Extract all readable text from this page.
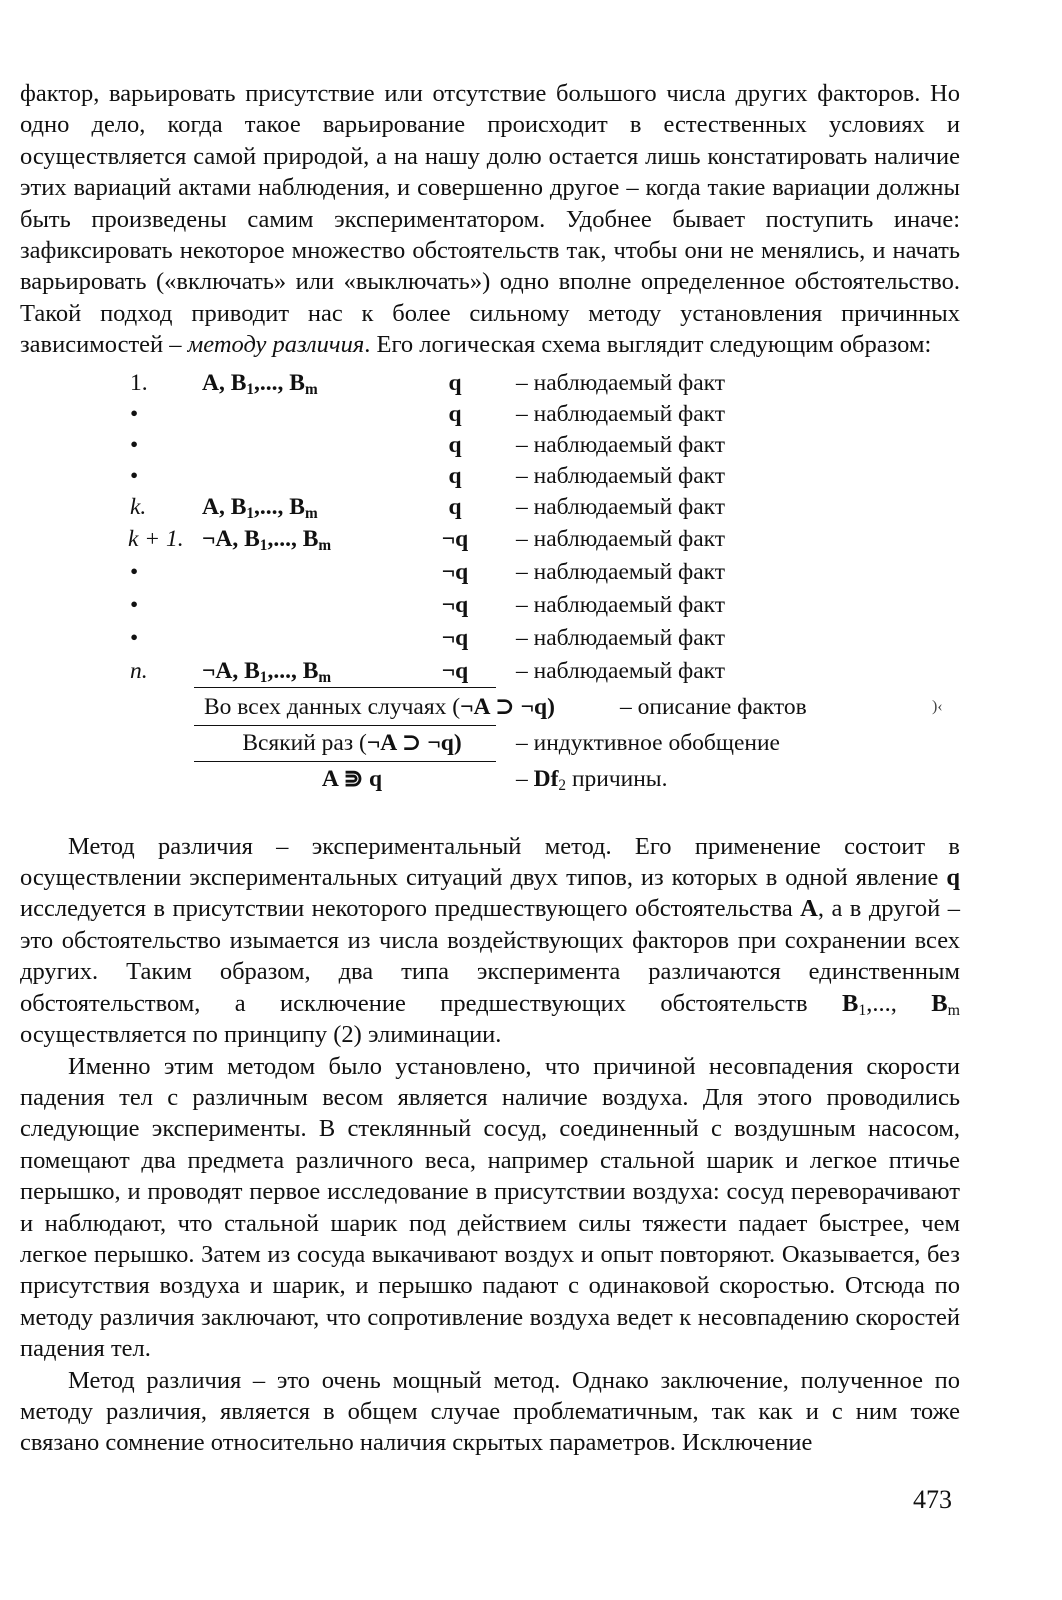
фактор, варьировать присутствие или отсутствие большого числа других факторов. Но одно дело, когда такое варьирование происходит в естественных условиях и осуществляется самой природой, а на нашу долю остается лишь констатировать наличие этих вариаций актами наблюдения, и совершенно другое – когда такие вариации должны быть произведены самим экспериментатором. Удобнее бывает поступить иначе: зафиксировать некоторое множество обстоятельств так, чтобы они не менялись, и начать варьировать («включать» или «выключать») одно вполне определенное обстоятельство. Такой подход приводит нас к более сильному методу установления причинных зависимостей – методу различия. Его логическая схема выглядит следующим образом:

1. A, $B_1$,..., $B_m$	q	– наблюдаемый факт
•	q	– наблюдаемый факт
•	q	– наблюдаемый факт
•	q	– наблюдаемый факт
k. A, $B_1$,..., $B_m$	q	– наблюдаемый факт
k + 1. ¬A, $B_1$,..., $B_m$	¬q	– наблюдаемый факт
•	¬q	– наблюдаемый факт
•	¬q	– наблюдаемый факт
•	¬q	– наблюдаемый факт
n. ¬A, $B_1$,..., $B_m$	¬q	– наблюдаемый факт
Во всех данных случаях (¬A ⊃ ¬q)	– описание фактов	)‹
Всякий раз (¬A ⊃ ¬q)	– индуктивное обобщение
A ⋑ q	– $Df_2$ причины.

Метод различия – экспериментальный метод. Его применение состоит в осуществлении экспериментальных ситуаций двух типов, из которых в одной явление q исследуется в присутствии некоторого предшествующего обстоятельства A, а в другой – это обстоятельство изымается из числа воздействующих факторов при сохранении всех других. Таким образом, два типа эксперимента различаются единственным обстоятельством, а исключение предшествующих обстоятельств $B_1$,..., $B_m$ осуществляется по принципу (2) элиминации.

Именно этим методом было установлено, что причиной несовпадения скорости падения тел с различным весом является наличие воздуха. Для этого проводились следующие эксперименты. В стеклянный сосуд, соединенный с воздушным насосом, помещают два предмета различного веса, например стальной шарик и легкое птичье перышко, и проводят первое исследование в присутствии воздуха: сосуд переворачивают и наблюдают, что стальной шарик под действием силы тяжести падает быстрее, чем легкое перышко. Затем из сосуда выкачивают воздух и опыт повторяют. Оказывается, без присутствия воздуха и шарик, и перышко падают с одинаковой скоростью. Отсюда по методу различия заключают, что сопротивление воздуха ведет к несовпадению скоростей падения тел.

Метод различия – это очень мощный метод. Однако заключение, полученное по методу различия, является в общем случае проблематичным, так как и с ним тоже связано сомнение относительно наличия скрытых параметров. Исключение

473
